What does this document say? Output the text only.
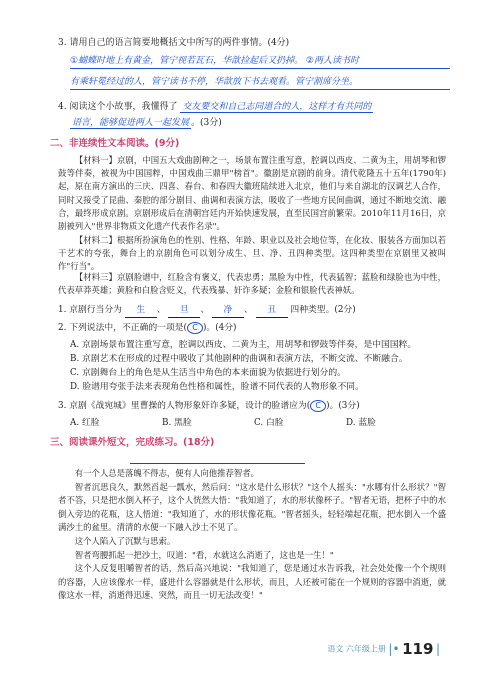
3. 请用自己的语言简要地概括文中所写的两件事情。(4分)
①蝴蝶时地上有黄金，管宁视若瓦石，华歆捡起后又扔掉。 ②两人读书时
有乘轩冕经过的人，管宁读书不停，华歆放下书去观看。管宁割席分坐。
4. 阅读这个小故事，我懂得了 交友要交和自己志同道合的人，这样才有共同的
语言，能够促进两人一起发展 。(3分)
二、非连续性文本阅读。(9分)
【材料一】京剧，中国五大戏曲剧种之一，场景布置注重写意，腔调以西皮、二黄为主，用胡琴和锣鼓等伴奏，被视为中国国粹，中国戏曲三鼎甲"榜首"。徽剧是京剧的前身。清代乾隆五十五年(1790年)起，原在南方演出的三庆、四喜、春台、和春四大徽班陆续进入北京，他们与来自湖北的汉调艺人合作，同时又接受了昆曲、秦腔的部分剧目、曲调和表演方法，吸收了一些地方民间曲调，通过不断地交流、融合，最终形成京剧。京剧形成后在清朝宫廷内开始快速发展，直至民国宫前繁荣。2010年11月16日，京剧被列入"世界非物质文化遗产代表作名录"。
【材料二】根据所扮演角色的性别、性格、年龄、职业以及社会地位等，在化妆、服装各方面加以若干艺术的夸张，舞台上的京剧角色可以划分成生、旦、净、丑四种类型。这四种类型在京剧里又被叫作"行当"。
【材料三】京剧脸谱中，红脸含有褒义，代表忠勇；黑脸为中性，代表猛智；蓝脸和绿脸也为中性，代表草莽英雄；黄脸和白脸含贬义，代表残暴、奸诈多疑；金脸和银脸代表神妖。
1. 京剧行当分为 生 、 旦 、 净 、 丑 四种类型。(2分)
2. 下列说法中，不正确的一项是( C )。(4分)
A. 京剧场景布置注重写意，腔调以西皮、二黄为主，用胡琴和锣鼓等伴奏，是中国国粹。
B. 京剧艺术在形成的过程中吸收了其他剧种的曲调和表演方法，不断交流、不断融合。
C. 京剧舞台上的角色是从生活当中角色的本来面貌为依据进行划分的。
D. 脸谱用夸张手法来表现角色性格和属性，脸谱不同代表的人物形象不同。
3. 京剧《战宛城》里曹操的人物形象奸诈多疑，设计的脸谱应为( C )。(3分)
A. 红脸	B. 黑脸	C. 白脸	D. 蓝脸
三、阅读课外短文，完成练习。(18分)

有一个人总是落魄不得志，便有人向他推荐智者。

智者沉思良久，默然舀起一瓢水，然后问："这水是什么形状？"这个人摇头："水哪有什么形状？"智者不答，只是把水倒入杯子，这个人恍然大悟："我知道了，水的形状像杯子。"智者无语，把杯子中的水倒入旁边的花瓶，这人悟道："我知道了，水的形状像花瓶。"智者摇头，轻轻端起花瓶，把水倒入一个盛满沙土的盆里。清清的水便一下融入沙土不见了。

这个人陷入了沉默与思索。

智者弯腰抓起一把沙土，叹道："看，水就这么消逝了，这也是一生！"

这个人反复咀嚼智者的话，然后高兴地说："我知道了，您是通过水告诉我，社会处处像一个个规则的容器，人应该像水一样，盛进什么容器就是什么形状，而且，人还被可能在一个规则的容器中消逝，就像这水一样，消逝得迅速、突然，而且一切无法改变！"

语文 六年级上册 |• 119 |
